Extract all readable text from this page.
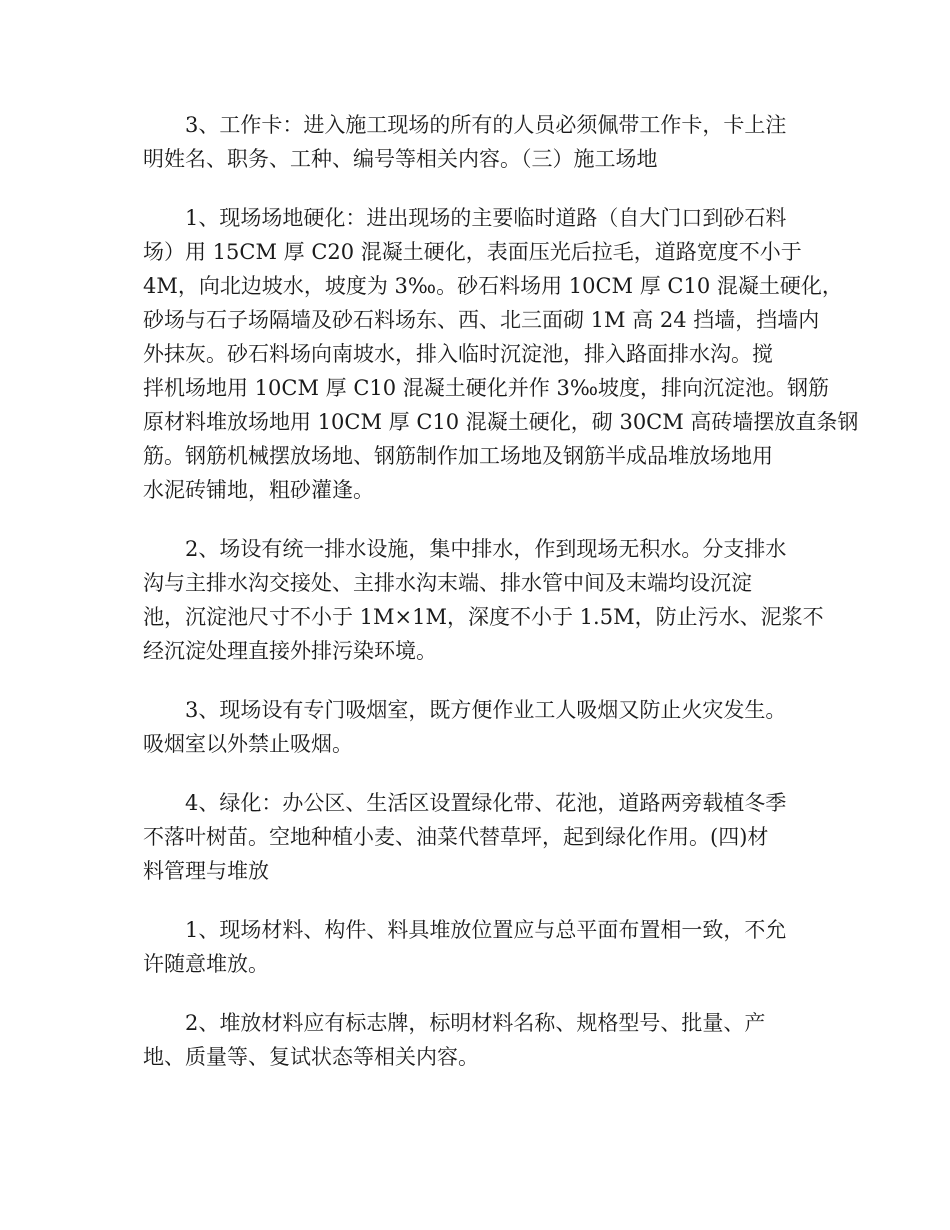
3、工作卡：进入施工现场的所有的人员必须佩带工作卡，卡上注
明姓名、职务、工种、编号等相关内容。（三）施工场地

1、现场场地硬化：进出现场的主要临时道路（自大门口到砂石料
场）用 15CM 厚 C20 混凝土硬化，表面压光后拉毛，道路宽度不小于
4M，向北边坡水，坡度为 3‰。砂石料场用 10CM 厚 C10 混凝土硬化，
砂场与石子场隔墙及砂石料场东、西、北三面砌 1M 高 24 挡墙，挡墙内
外抹灰。砂石料场向南坡水，排入临时沉淀池，排入路面排水沟。搅
拌机场地用 10CM 厚 C10 混凝土硬化并作 3‰坡度，排向沉淀池。钢筋
原材料堆放场地用 10CM 厚 C10 混凝土硬化，砌 30CM 高砖墙摆放直条钢
筋。钢筋机械摆放场地、钢筋制作加工场地及钢筋半成品堆放场地用
水泥砖铺地，粗砂灌逢。

2、场设有统一排水设施，集中排水，作到现场无积水。分支排水
沟与主排水沟交接处、主排水沟末端、排水管中间及末端均设沉淀
池，沉淀池尺寸不小于 1M×1M，深度不小于 1.5M，防止污水、泥浆不
经沉淀处理直接外排污染环境。

3、现场设有专门吸烟室，既方便作业工人吸烟又防止火灾发生。
吸烟室以外禁止吸烟。

4、绿化：办公区、生活区设置绿化带、花池，道路两旁载植冬季
不落叶树苗。空地种植小麦、油菜代替草坪，起到绿化作用。(四)材
料管理与堆放

1、现场材料、构件、料具堆放位置应与总平面布置相一致，不允
许随意堆放。

2、堆放材料应有标志牌，标明材料名称、规格型号、批量、产
地、质量等、复试状态等相关内容。
